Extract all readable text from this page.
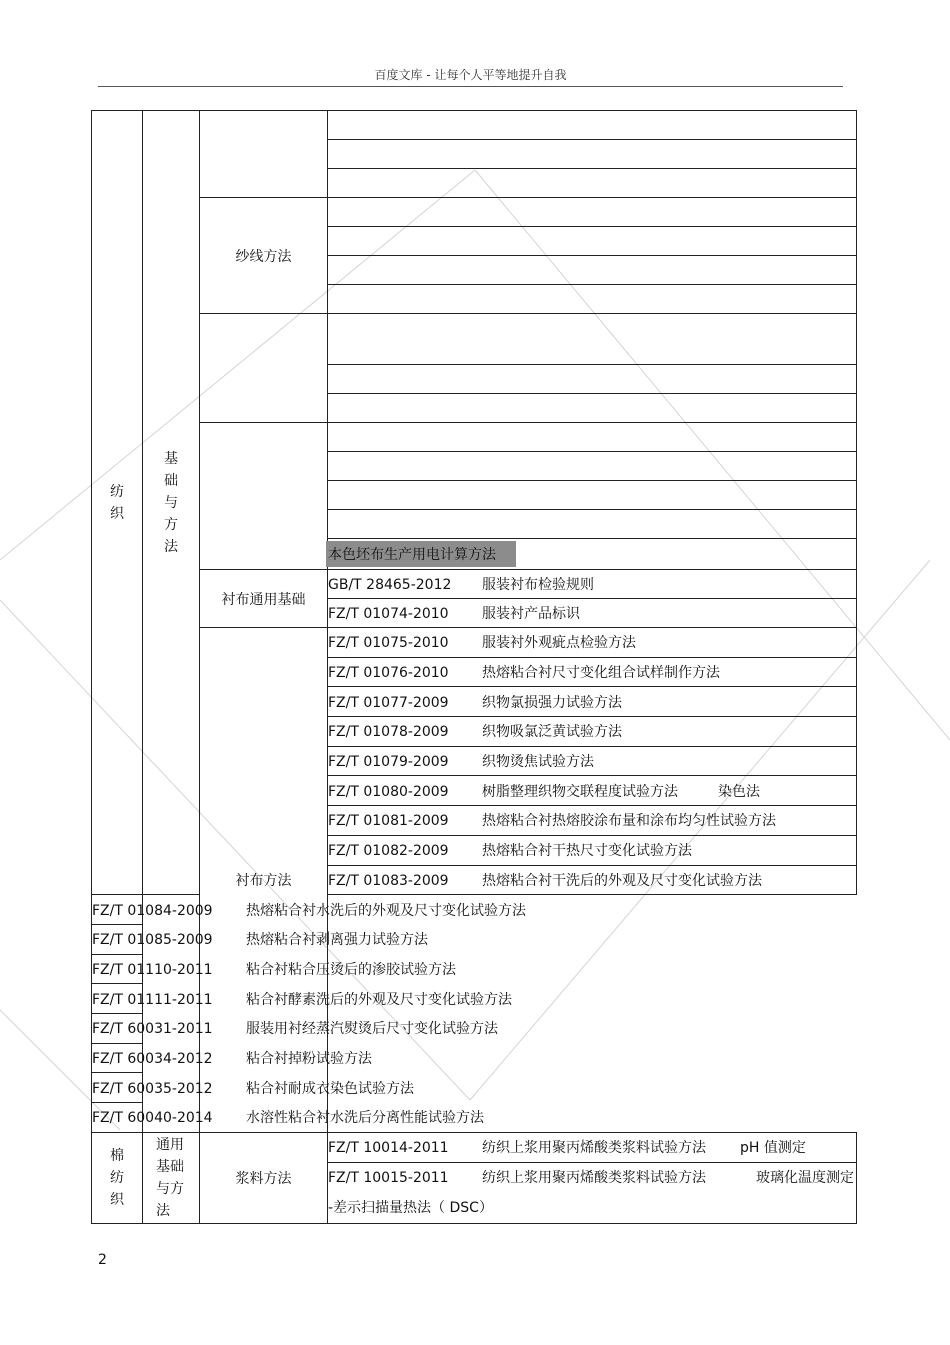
百度文库 - 让每个人平等地提升自我
纺织	基础与方法		

		纱线方法	

			本色坯布生产用电计算方法
		衬布通用基础	GB/T 28465-2012 服装衬布检验规则
			FZ/T 01074-2010 服装衬产品标识
		衬布方法	FZ/T 01075-2010 服装衬外观疵点检验方法
			FZ/T 01076-2010 热熔粘合衬尺寸变化组合试样制作方法
			FZ/T 01077-2009 织物氯损强力试验方法
			FZ/T 01078-2009 织物吸氯泛黄试验方法
			FZ/T 01079-2009 织物烫焦试验方法
			FZ/T 01080-2009 树脂整理织物交联程度试验方法 染色法
			FZ/T 01081-2009 热熔粘合衬热熔胶涂布量和涂布均匀性试验方法
			FZ/T 01082-2009 热熔粘合衬干热尺寸变化试验方法
			FZ/T 01083-2009 热熔粘合衬干洗后的外观及尺寸变化试验方法
FZ/T 01084-2009 热熔粘合衬水洗后的外观及尺寸变化试验方法			
FZ/T 01085-2009 热熔粘合衬剥离强力试验方法			
FZ/T 01110-2011 粘合衬粘合压烫后的渗胶试验方法			
FZ/T 01111-2011 粘合衬酵素洗后的外观及尺寸变化试验方法			
FZ/T 60031-2011 服装用衬经蒸汽熨烫后尺寸变化试验方法			
FZ/T 60034-2012 粘合衬掉粉试验方法			
FZ/T 60035-2012 粘合衬耐成衣染色试验方法			
FZ/T 60040-2014 水溶性粘合衬水洗后分离性能试验方法			
棉纺织	通用基础与方法	浆料方法	FZ/T 10014-2011 纺织上浆用聚丙烯酸类浆料试验方法 pH 值测定
			FZ/T 10015-2011 纺织上浆用聚丙烯酸类浆料试验方法 玻璃化温度测定 -差示扫描量热法（ DSC）
2
